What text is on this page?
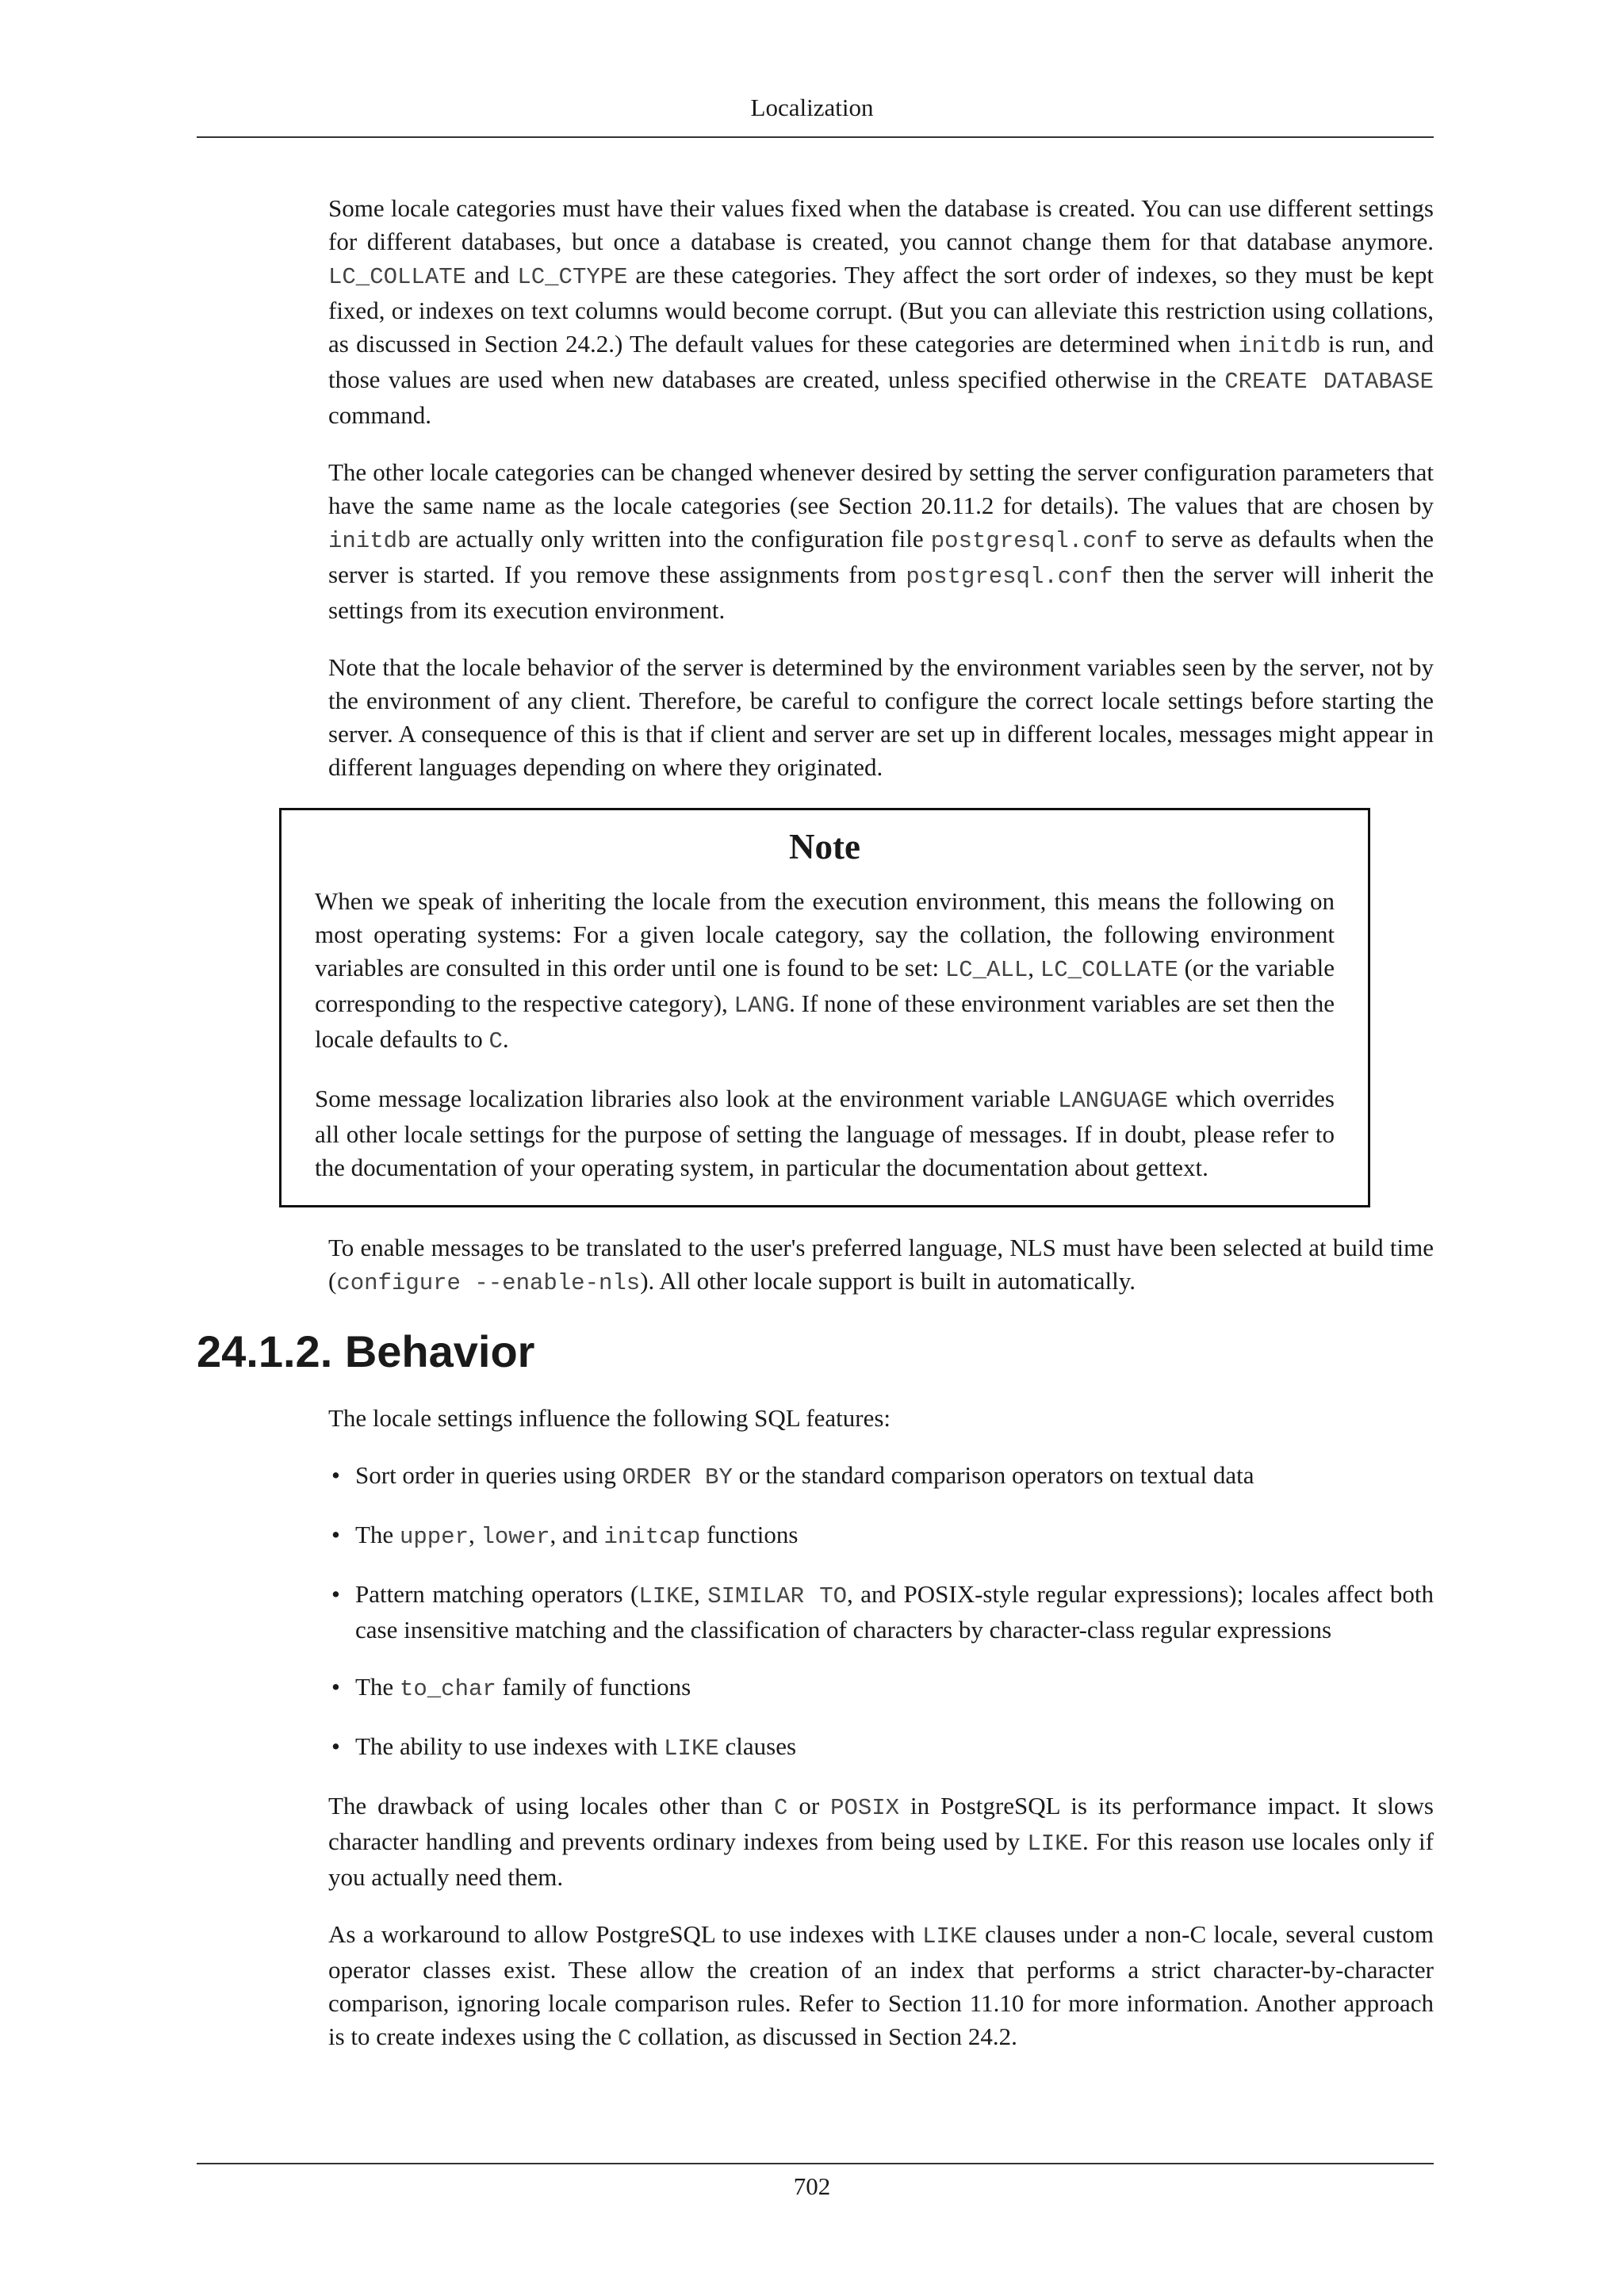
Localization

Some locale categories must have their values fixed when the database is created. You can use different settings for different databases, but once a database is created, you cannot change them for that database anymore. LC_COLLATE and LC_CTYPE are these categories. They affect the sort order of indexes, so they must be kept fixed, or indexes on text columns would become corrupt. (But you can alleviate this restriction using collations, as discussed in Section 24.2.) The default values for these categories are determined when initdb is run, and those values are used when new databases are created, unless specified otherwise in the CREATE DATABASE command.

The other locale categories can be changed whenever desired by setting the server configuration parameters that have the same name as the locale categories (see Section 20.11.2 for details). The values that are chosen by initdb are actually only written into the configuration file postgresql.conf to serve as defaults when the server is started. If you remove these assignments from postgresql.conf then the server will inherit the settings from its execution environment.

Note that the locale behavior of the server is determined by the environment variables seen by the server, not by the environment of any client. Therefore, be careful to configure the correct locale settings before starting the server. A consequence of this is that if client and server are set up in different locales, messages might appear in different languages depending on where they originated.

Note

When we speak of inheriting the locale from the execution environment, this means the following on most operating systems: For a given locale category, say the collation, the following environment variables are consulted in this order until one is found to be set: LC_ALL, LC_COLLATE (or the variable corresponding to the respective category), LANG. If none of these environment variables are set then the locale defaults to C.

Some message localization libraries also look at the environment variable LANGUAGE which overrides all other locale settings for the purpose of setting the language of messages. If in doubt, please refer to the documentation of your operating system, in particular the documentation about gettext.

To enable messages to be translated to the user's preferred language, NLS must have been selected at build time (configure --enable-nls). All other locale support is built in automatically.

24.1.2. Behavior

The locale settings influence the following SQL features:

• Sort order in queries using ORDER BY or the standard comparison operators on textual data
• The upper, lower, and initcap functions
• Pattern matching operators (LIKE, SIMILAR TO, and POSIX-style regular expressions); locales affect both case insensitive matching and the classification of characters by character-class regular expressions
• The to_char family of functions
• The ability to use indexes with LIKE clauses

The drawback of using locales other than C or POSIX in PostgreSQL is its performance impact. It slows character handling and prevents ordinary indexes from being used by LIKE. For this reason use locales only if you actually need them.

As a workaround to allow PostgreSQL to use indexes with LIKE clauses under a non-C locale, several custom operator classes exist. These allow the creation of an index that performs a strict character-by-character comparison, ignoring locale comparison rules. Refer to Section 11.10 for more information. Another approach is to create indexes using the C collation, as discussed in Section 24.2.

702
